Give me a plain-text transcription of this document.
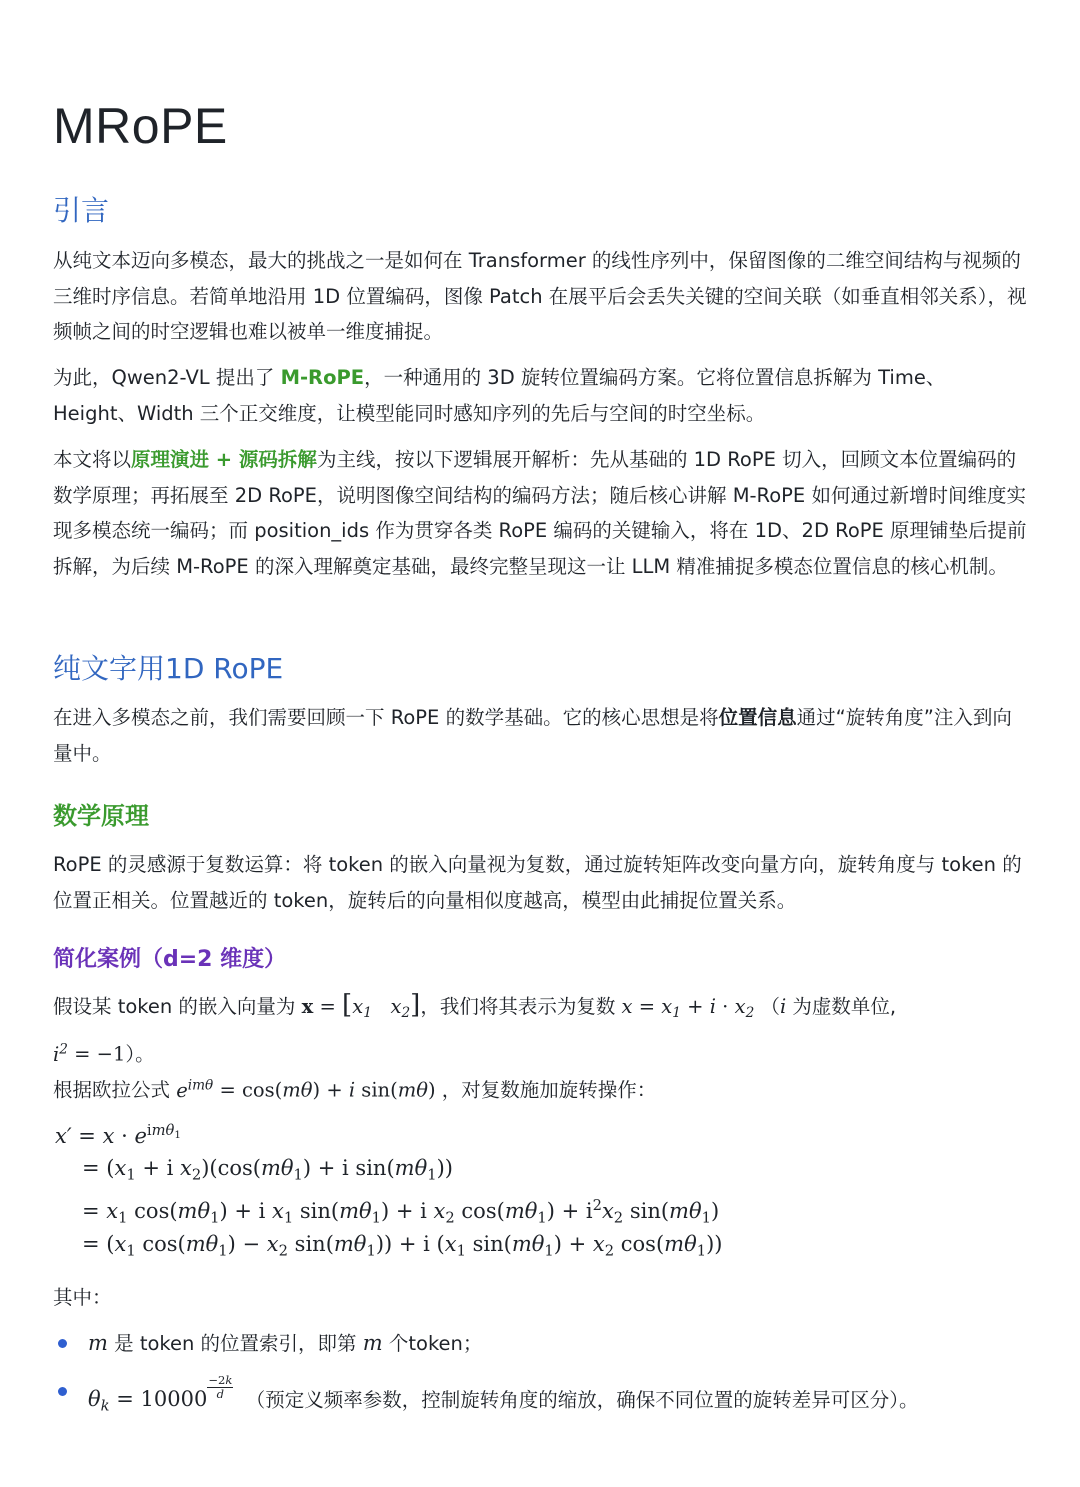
MRoPE
引言

从纯文本迈向多模态，最大的挑战之一是如何在 Transformer 的线性序列中，保留图像的二维空间结构与视频的三维时序信息。若简单地沿用 1D 位置编码，图像 Patch 在展平后会丢失关键的空间关联（如垂直相邻关系），视频帧之间的时空逻辑也难以被单一维度捕捉。

为此，Qwen2-VL 提出了 M-RoPE，一种通用的 3D 旋转位置编码方案。它将位置信息拆解为 Time、Height、Width 三个正交维度，让模型能同时感知序列的先后与空间的时空坐标。

本文将以原理演进 + 源码拆解为主线，按以下逻辑展开解析：先从基础的 1D RoPE 切入，回顾文本位置编码的数学原理；再拓展至 2D RoPE，说明图像空间结构的编码方法；随后核心讲解 M-RoPE 如何通过新增时间维度实现多模态统一编码；而 position_ids 作为贯穿各类 RoPE 编码的关键输入，将在 1D、2D RoPE 原理铺垫后提前拆解，为后续 M-RoPE 的深入理解奠定基础，最终完整呈现这一让 LLM 精准捕捉多模态位置信息的核心机制。

纯文字用1D RoPE

在进入多模态之前，我们需要回顾一下 RoPE 的数学基础。它的核心思想是将位置信息通过“旋转角度”注入到向量中。

数学原理

RoPE 的灵感源于复数运算：将 token 的嵌入向量视为复数，通过旋转矩阵改变向量方向，旋转角度与 token 的位置正相关。位置越近的 token，旋转后的向量相似度越高，模型由此捕捉位置关系。

简化案例（d=2 维度）

假设某 token 的嵌入向量为 $x = [x_1$   $x_2$]，我们将其表示为复数 $x = x_1 + i \cdot x_2$ （i 为虚数单位,
$i^2 = -1$）。

根据欧拉公式 $e^{im\theta} = \cos(m\theta) + i$ sin(mθ) ，对复数施加旋转操作：

$x' = x \cdot e^{im\theta_1}$
= ($x_1 + i$ $x_2)(\cos(m\theta_1) + i$ $\sin(m\theta_1)$)
= $x_1$ $\cos(m\theta_1) + i$ $x_1$ $\sin(m\theta_1) + i$ $x_2$ $\cos(m\theta_1) + i^2x_2$ $\sin(m\theta_1)$
= ($x_1$ $\cos(m\theta_1) - x_2$ $\sin(m\theta_1)) + i$ ($x_1$ $\sin(m\theta_1) + x_2$ $\cos(m\theta_1)$)

其中：

m 是 token 的位置索引，即第 m 个token；
$\theta_k = 10000 \frac{-2k}{d}$ （预定义频率参数，控制旋转角度的缩放，确保不同位置的旋转差异可区分）。
